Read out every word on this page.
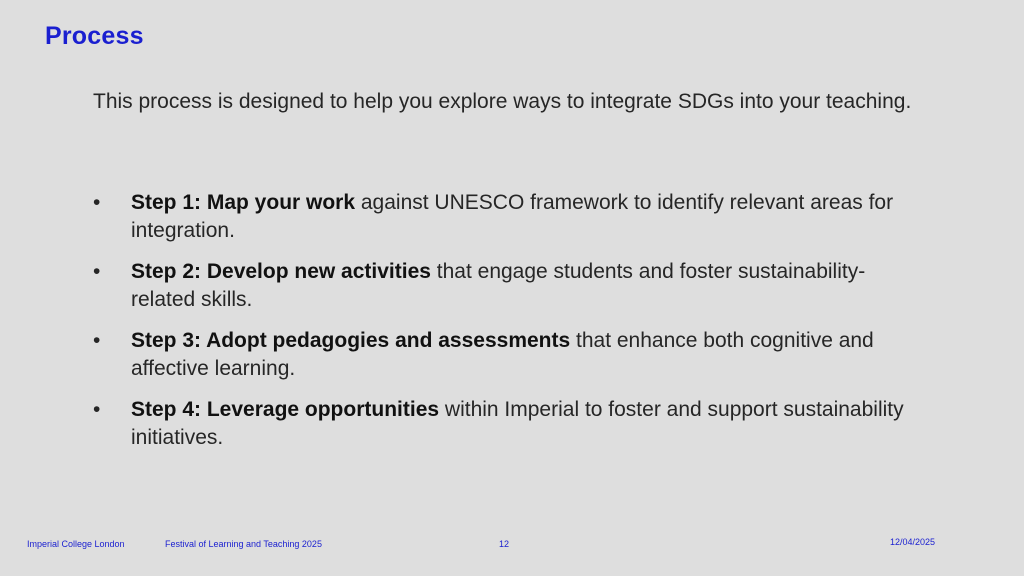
Process
This process is designed to help you explore ways to integrate SDGs into your teaching.
•	Step 1: Map your work against UNESCO framework to identify relevant areas for integration.
•	Step 2: Develop new activities that engage students and foster sustainability-related skills.
•	Step 3: Adopt pedagogies and assessments that enhance both cognitive and affective learning.
•	Step 4: Leverage opportunities within Imperial to foster and support sustainability initiatives.
Imperial College London	Festival of Learning and Teaching 2025	12	12/04/2025
